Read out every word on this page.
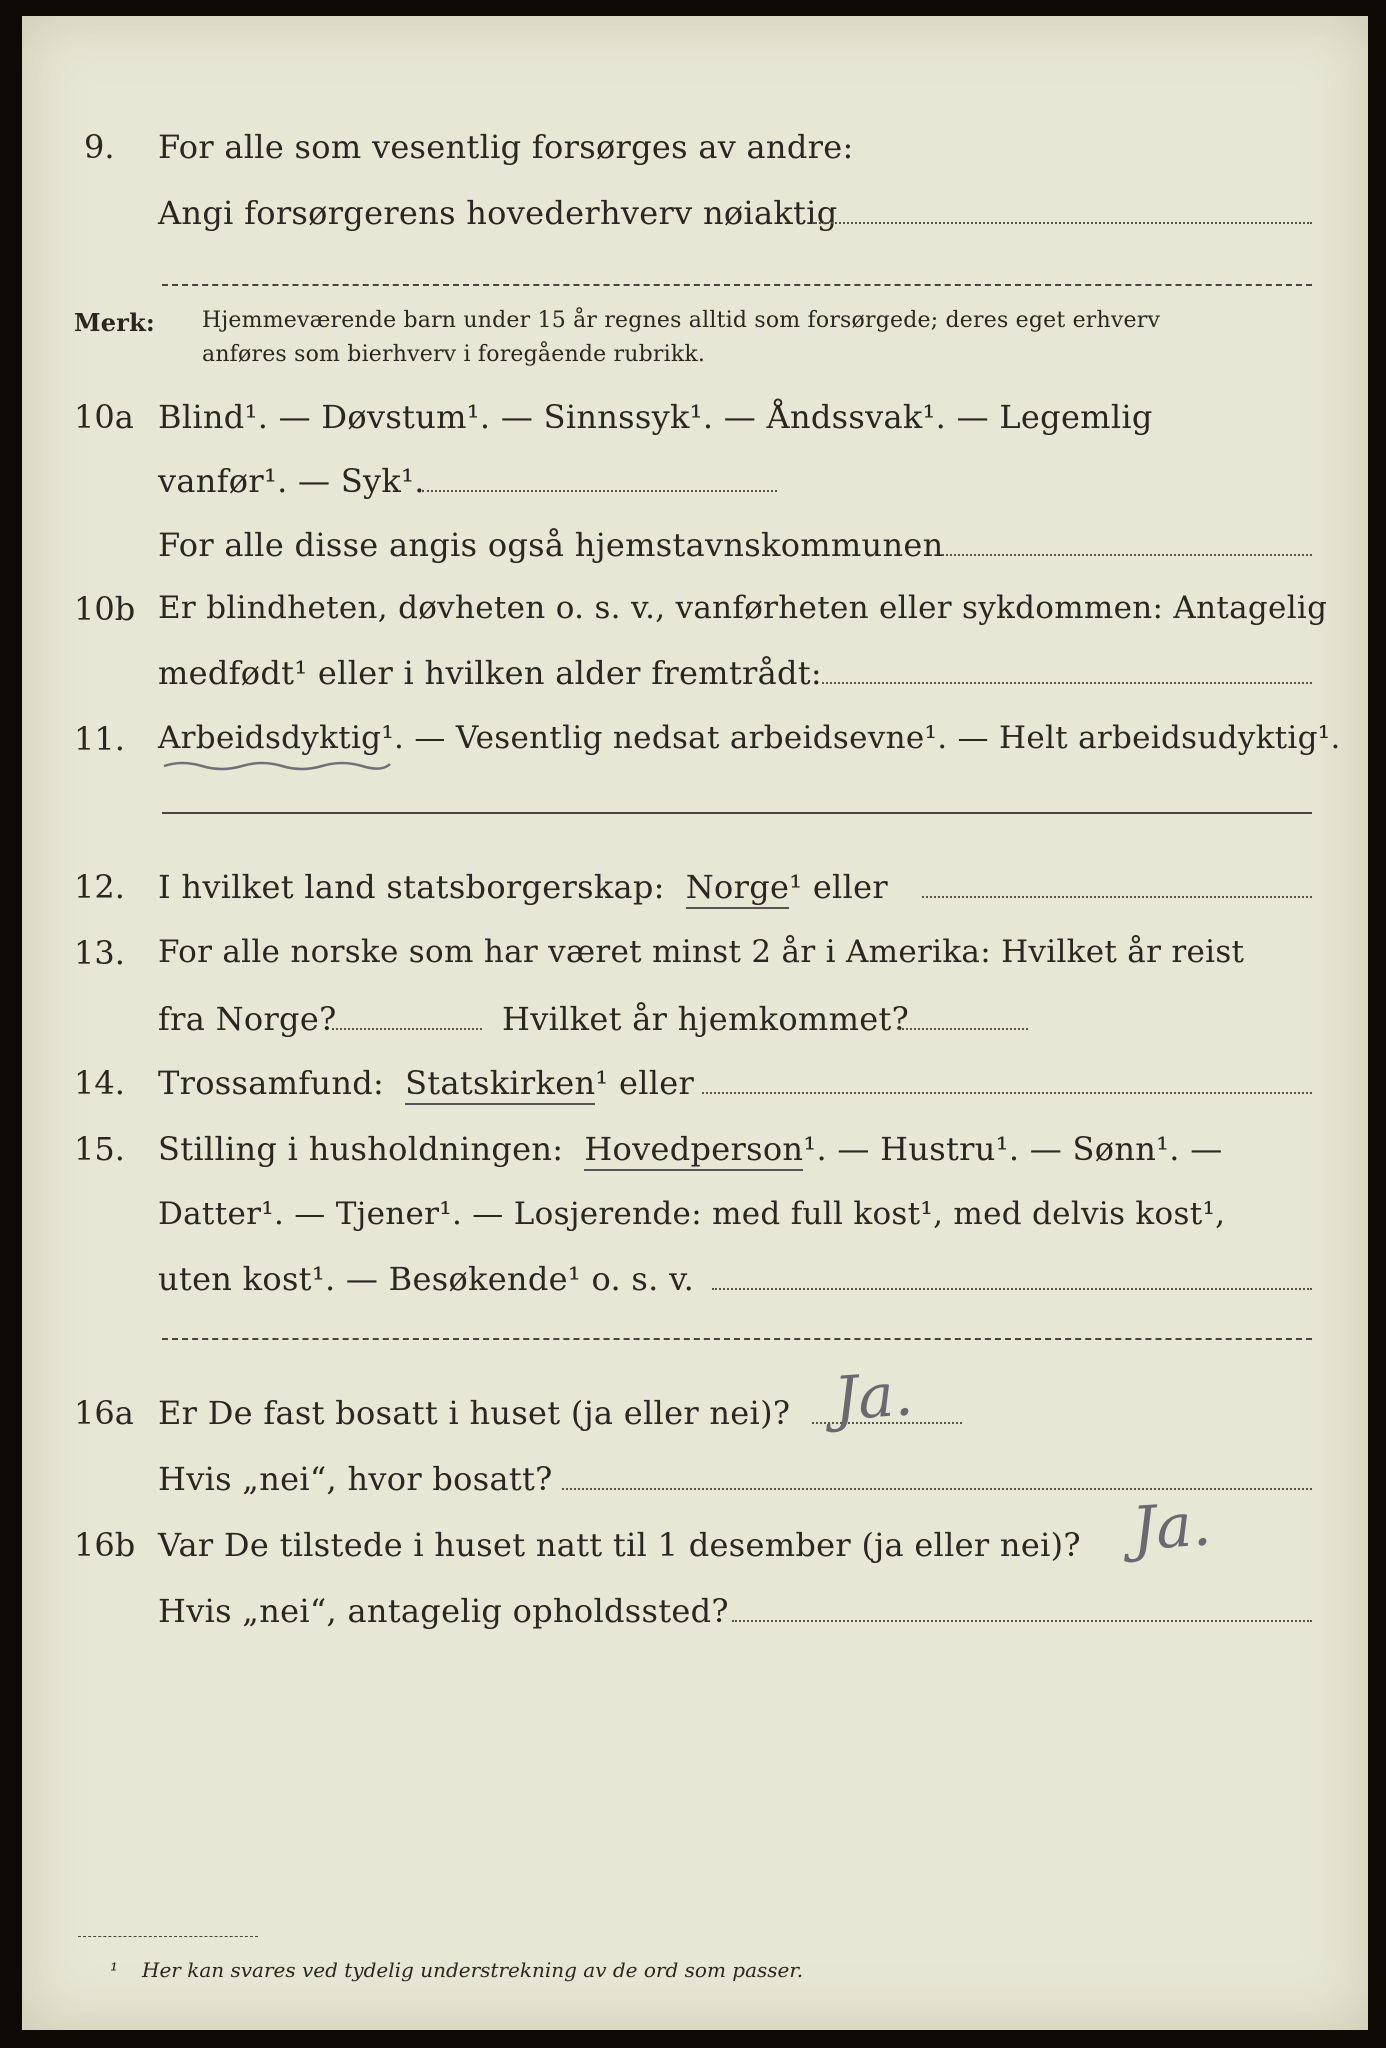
9. For alle som vesentlig forsørges av andre:
Angi forsørgerens hovederhverv nøiaktig
Merk: Hjemmeværende barn under 15 år regnes alltid som forsørgede; deres eget erhverv
anføres som bierhverv i foregående rubrikk.
10a Blind¹. — Døvstum¹. — Sinnssyk¹. — Åndssvak¹. — Legemlig
vanfør¹. — Syk¹.
For alle disse angis også hjemstavnskommunen
10b Er blindheten, døvheten o. s. v., vanførheten eller sykdommen: Antagelig
medfødt¹ eller i hvilken alder fremtrådt:
11. Arbeidsdyktig¹. — Vesentlig nedsat arbeidsevne¹. — Helt arbeidsudyktig¹.
12. I hvilket land statsborgerskap: Norge¹ eller
13. For alle norske som har været minst 2 år i Amerika: Hvilket år reist
fra Norge?	Hvilket år hjemkommet?
14. Trossamfund: Statskirken¹ eller
15. Stilling i husholdningen: Hovedperson¹. — Hustru¹. — Sønn¹. —
Datter¹. — Tjener¹. — Losjerende: med full kost¹, med delvis kost¹,
uten kost¹. — Besøkende¹ o. s. v.
16a Er De fast bosatt i huset (ja eller nei)? Ja.
Hvis „nei“, hvor bosatt?
16b Var De tilstede i huset natt til 1 desember (ja eller nei)? Ja.
Hvis „nei“, antagelig opholdssted?
¹ Her kan svares ved tydelig understrekning av de ord som passer.
